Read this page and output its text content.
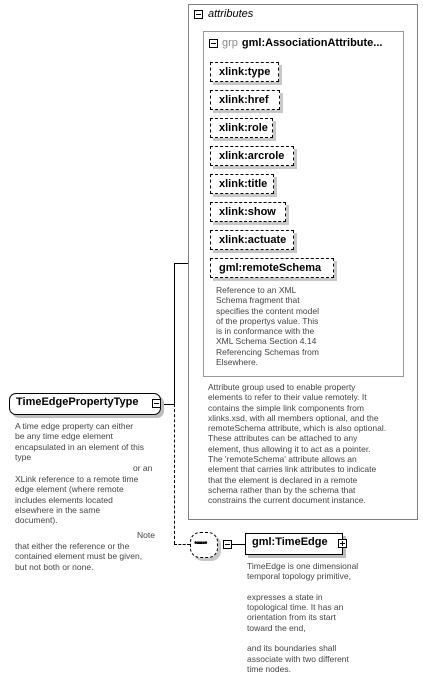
attributes
grp gml:AssociationAttribute...
xlink:type
xlink:href
xlink:role
xlink:arcrole
xlink:title
xlink:show
xlink:actuate
gml:remoteSchema
Reference to an XML
Schema fragment that
specifies the content model
of the propertys value. This
is in conformance with the
XML Schema Section 4.14
Referencing Schemas from
Elsewhere.
Attribute group used to enable property
elements to refer to their value remotely. It
contains the simple link components from
xlinks.xsd, with all members optional, and the
remoteSchema attribute, which is also optional.
These attributes can be attached to any
element, thus allowing it to act as a pointer.
The 'remoteSchema' attribute allows an
element that carries link attributes to indicate
that the element is declared in a remote
schema rather than by the schema that
constrains the current document instance.
TimeEdgePropertyType
A time edge property can either
be any time edge element
encapsulated in an element of this
type
or an
XLink reference to a remote time
edge element (where remote
includes elements located
elsewhere in the same
document).
Note
that either the reference or the
contained element must be given,
but not both or none.
•▪▪▪•	gml:TimeEdge
TimeEdge is one dimensional
temporal topology primitive,

expresses a state in
topological time. It has an
orientation from its start
toward the end,

and its boundaries shall
associate with two different
time nodes.
